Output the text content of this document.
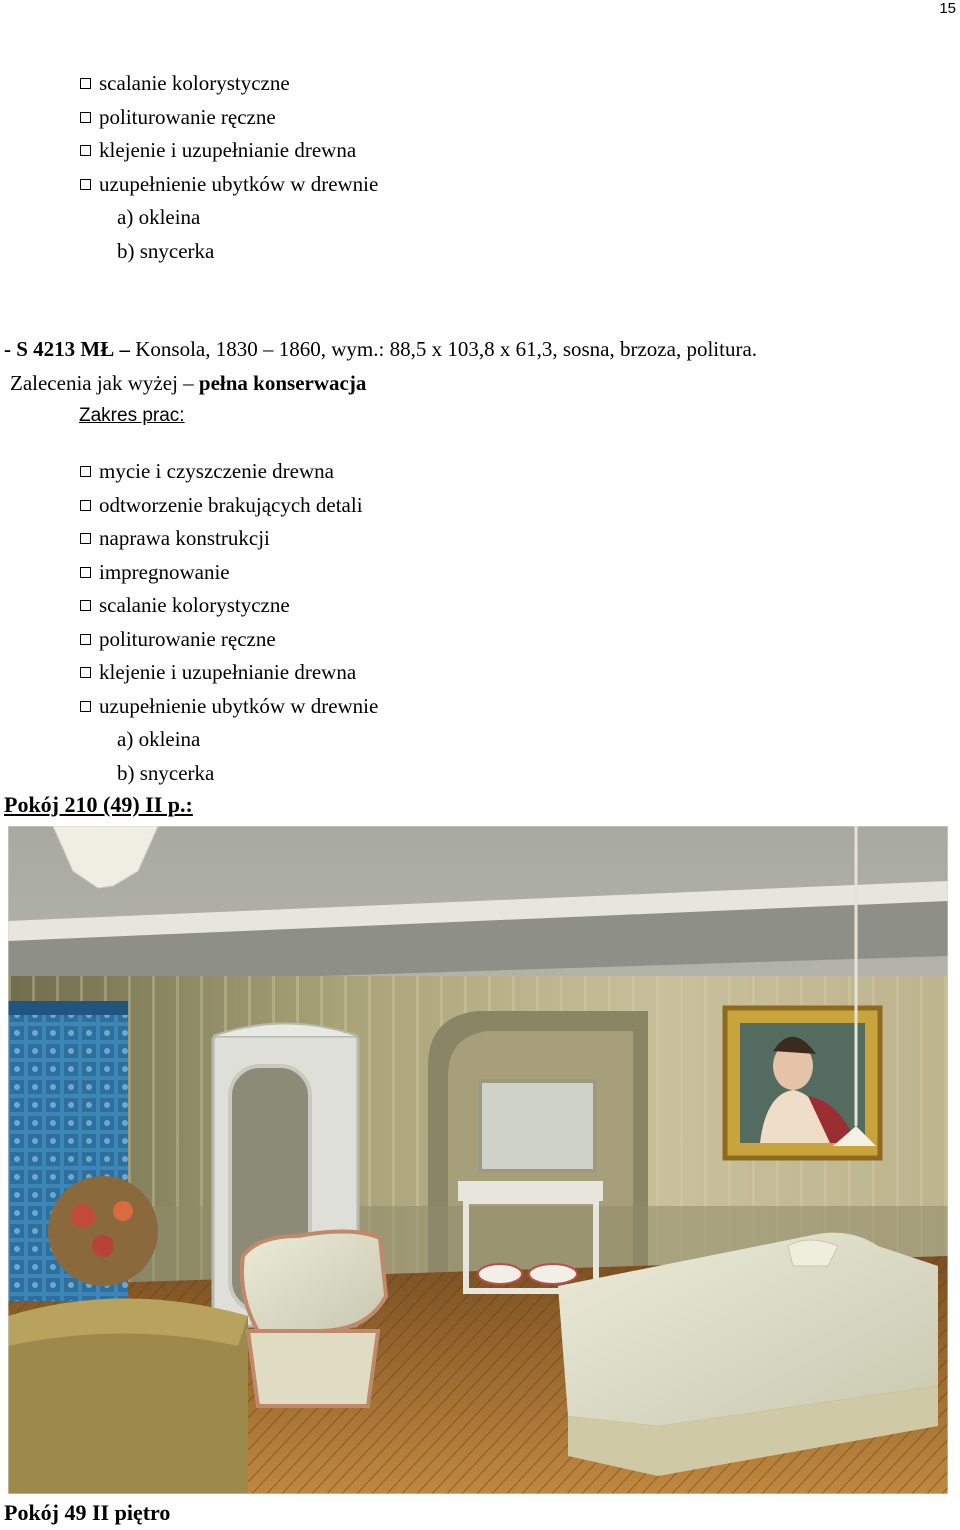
15
scalanie kolorystyczne
politurowanie ręczne
klejenie i uzupełnianie drewna
uzupełnienie ubytków w drewnie
a) okleina
b) snycerka
- S 4213 MŁ – Konsola, 1830 – 1860, wym.: 88,5 x 103,8 x 61,3, sosna, brzoza, politura.
Zalecenia jak wyżej – pełna konserwacja
Zakres prac:
mycie i czyszczenie drewna
odtworzenie brakujących detali
naprawa konstrukcji
impregnowanie
scalanie kolorystyczne
politurowanie ręczne
klejenie i uzupełnianie drewna
uzupełnienie ubytków w drewnie
a) okleina
b) snycerka
Pokój 210 (49) II p.:
Pokój 49 II piętro
